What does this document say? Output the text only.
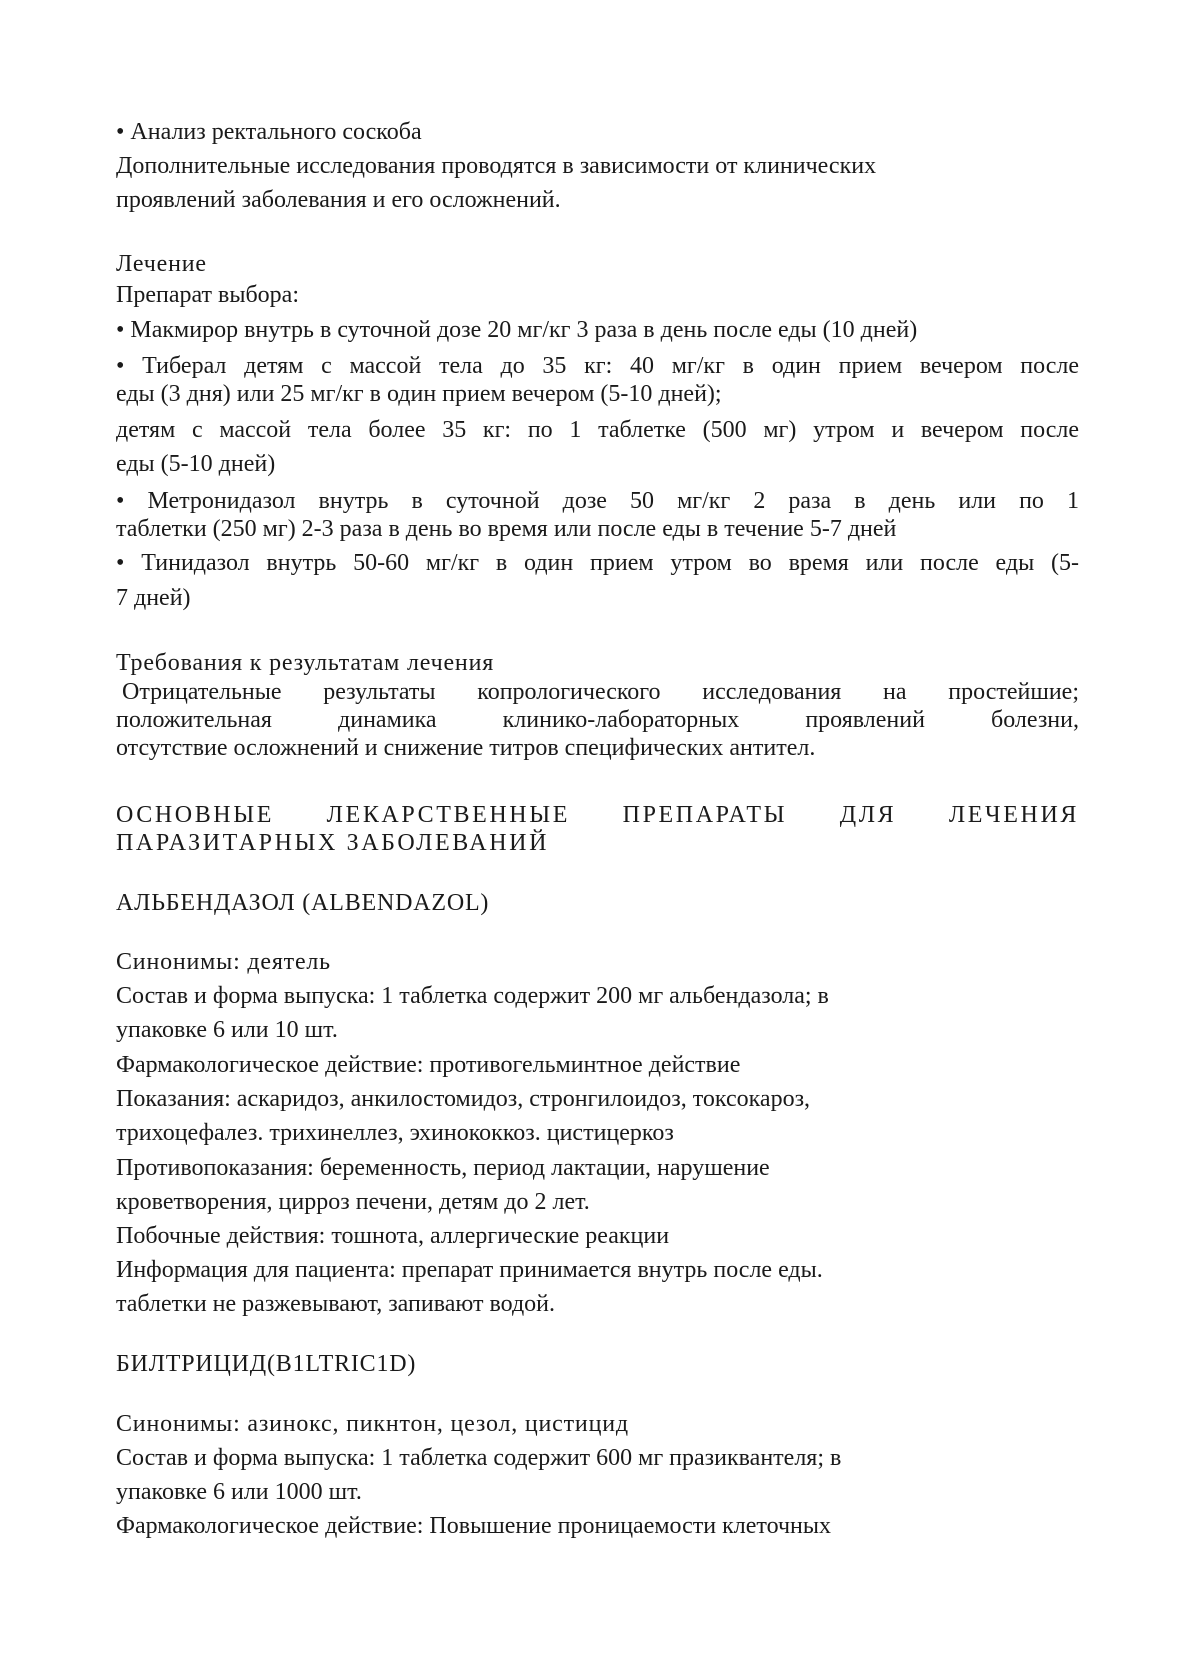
• Анализ ректального соскоба
Дополнительные исследования проводятся в зависимости от клинических
проявлений заболевания и его осложнений.
Лечение
Препарат выбора:
• Макмирор внутрь в суточной дозе 20 мг/кг 3 раза в день после еды (10 дней)
• Тиберал детям с массой тела до 35 кг: 40 мг/кг в один прием вечером после
еды (3 дня) или 25 мг/кг в один прием вечером (5-10 дней);
детям с массой тела более 35 кг: по 1 таблетке (500 мг) утром и вечером после
еды (5-10 дней)
• Метронидазол внутрь в суточной дозе 50 мг/кг 2 раза в день или по 1
таблетки (250 мг) 2-3 раза в день во время или после еды в течение 5-7 дней
• Тинидазол внутрь 50-60 мг/кг в один прием утром во время или после еды (5-
7 дней)
Требования к результатам лечения
Отрицательные результаты копрологического исследования на простейшие;
положительная динамика клинико-лабораторных проявлений болезни,
отсутствие осложнений и снижение титров специфических антител.
ОСНОВНЫЕ ЛЕКАРСТВЕННЫЕ ПРЕПАРАТЫ ДЛЯ ЛЕЧЕНИЯ
ПАРАЗИТАРНЫХ ЗАБОЛЕВАНИЙ
АЛЬБЕНДАЗОЛ (ALBENDAZOL)
Синонимы: деятель
Состав и форма выпуска: 1 таблетка содержит 200 мг альбендазола; в
упаковке 6 или 10 шт.
Фармакологическое действие: противогельминтное действие
Показания: аскаридоз, анкилостомидоз, стронгилоидоз, токсокароз,
трихоцефалез. трихинеллез, эхинококкоз. цистицеркоз
Противопоказания: беременность, период лактации, нарушение
кроветворения, цирроз печени, детям до 2 лет.
Побочные действия: тошнота, аллергические реакции
Информация для пациента: препарат принимается внутрь после еды.
таблетки не разжевывают, запивают водой.
БИЛТРИЦИД(B1LTRIC1D)
Синонимы: азинокс, пикнтон, цезол, цистицид
Состав и форма выпуска: 1 таблетка содержит 600 мг празиквантеля; в
упаковке 6 или 1000 шт.
Фармакологическое действие: Повышение проницаемости клеточных
